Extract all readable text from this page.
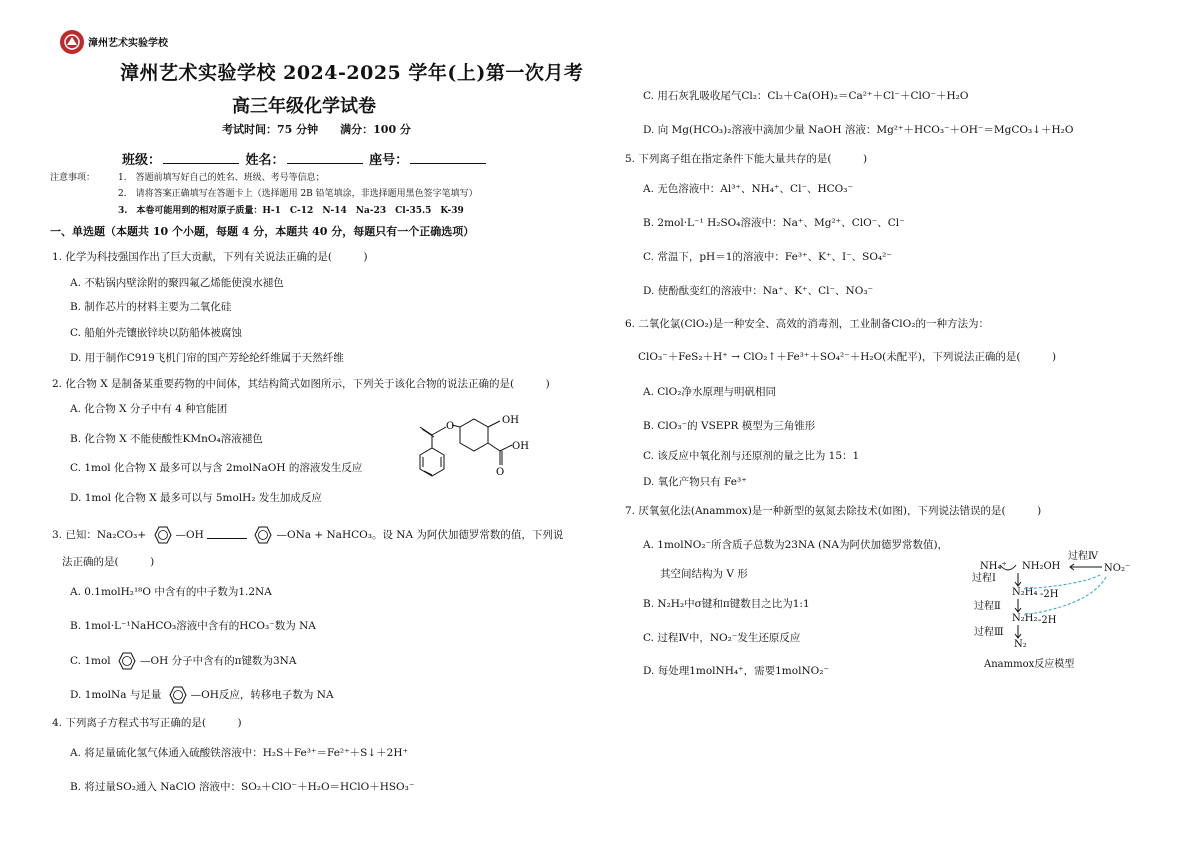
漳州艺术实验学校
漳州艺术实验学校 2024-2025 学年(上)第一次月考
高三年级化学试卷
考试时间：75 分钟　　满分：100 分
班级：	姓名：	座号：
注意事项：	1.　答题前填写好自己的姓名、班级、考号等信息；
2.　请将答案正确填写在答题卡上（选择题用 2B 铅笔填涂，非选择题用黑色签字笔填写）
3.　本卷可能用到的相对原子质量：H-1　C-12　N-14　Na-23　Cl-35.5　K-39
一、单选题（本题共 10 个小题，每题 4 分，本题共 40 分，每题只有一个正确选项）
1. 化学为科技强国作出了巨大贡献，下列有关说法正确的是(　　　)
A. 不粘锅内壁涂附的聚四氟乙烯能使溴水褪色
B. 制作芯片的材料主要为二氧化硅
C. 船舶外壳镶嵌锌块以防船体被腐蚀
D. 用于制作C919飞机门帘的国产芳纶纶纤维属于天然纤维
2. 化合物 X 是制备某重要药物的中间体，其结构简式如图所示，下列关于该化合物的说法正确的是(　　　)
A. 化合物 X 分子中有 4 种官能团
B. 化合物 X 不能使酸性KMnO₄溶液褪色
C. 1mol 化合物 X 最多可以与含 2molNaOH 的溶液发生反应
D. 1mol 化合物 X 最多可以与 5molH₂ 发生加成反应
O
OH
OH
O
3. 已知：Na₂CO₃+	—OH	—ONa + NaHCO₃。设 NA 为阿伏加德罗常数的值，下列说
法正确的是(　　　)
A. 0.1molH₂¹⁸O 中含有的中子数为1.2NA
B. 1mol·L⁻¹NaHCO₃溶液中含有的HCO₃⁻数为 NA
C. 1mol	—OH 分子中含有的π键数为3NA
D. 1molNa 与足量	—OH反应，转移电子数为 NA
4. 下列离子方程式书写正确的是(　　　)
A. 将足量硫化氢气体通入硫酸铁溶液中：H₂S＋Fe³⁺＝Fe²⁺＋S↓＋2H⁺
B. 将过量SO₂通入 NaClO 溶液中：SO₂＋ClO⁻＋H₂O＝HClO＋HSO₃⁻
C. 用石灰乳吸收尾气Cl₂：Cl₂＋Ca(OH)₂＝Ca²⁺＋Cl⁻＋ClO⁻＋H₂O
D. 向 Mg(HCO₃)₂溶液中滴加少量 NaOH 溶液：Mg²⁺＋HCO₃⁻＋OH⁻＝MgCO₃↓＋H₂O
5. 下列离子组在指定条件下能大量共存的是(　　　)
A. 无色溶液中：Al³⁺、NH₄⁺、Cl⁻、HCO₃⁻
B. 2mol·L⁻¹ H₂SO₄溶液中：Na⁺、Mg²⁺、ClO⁻、Cl⁻
C. 常温下，pH＝1的溶液中：Fe³⁺、K⁺、I⁻、SO₄²⁻
D. 使酚酞变红的溶液中：Na⁺、K⁺、Cl⁻、NO₃⁻
6. 二氧化氯(ClO₂)是一种安全、高效的消毒剂，工业制备ClO₂的一种方法为：
ClO₃⁻＋FeS₂＋H⁺ → ClO₂↑＋Fe³⁺＋SO₄²⁻＋H₂O(未配平)，下列说法正确的是(　　　)
A. ClO₂净水原理与明矾相同
B. ClO₃⁻的 VSEPR 模型为三角锥形
C. 该反应中氧化剂与还原剂的量之比为 15：1
D. 氧化产物只有 Fe³⁺
7. 厌氧氨化法(Anammox)是一种新型的氨氮去除技术(如图)，下列说法错误的是(　　　)
A. 1molNO₂⁻所含质子总数为23NA (NA为阿伏加德罗常数值)，
其空间结构为 V 形
B. N₂H₂中σ键和π键数目之比为1:1
C. 过程Ⅳ中，NO₂⁻发生还原反应
D. 每处理1molNH₄⁺，需要1molNO₂⁻
NH₄⁺ NH₂OH	NO₂⁻
过程Ⅳ
过程Ⅰ
N₂H₄ -2H
过程Ⅱ
N₂H₂ -2H
过程Ⅲ
N₂
Anammox反应模型
